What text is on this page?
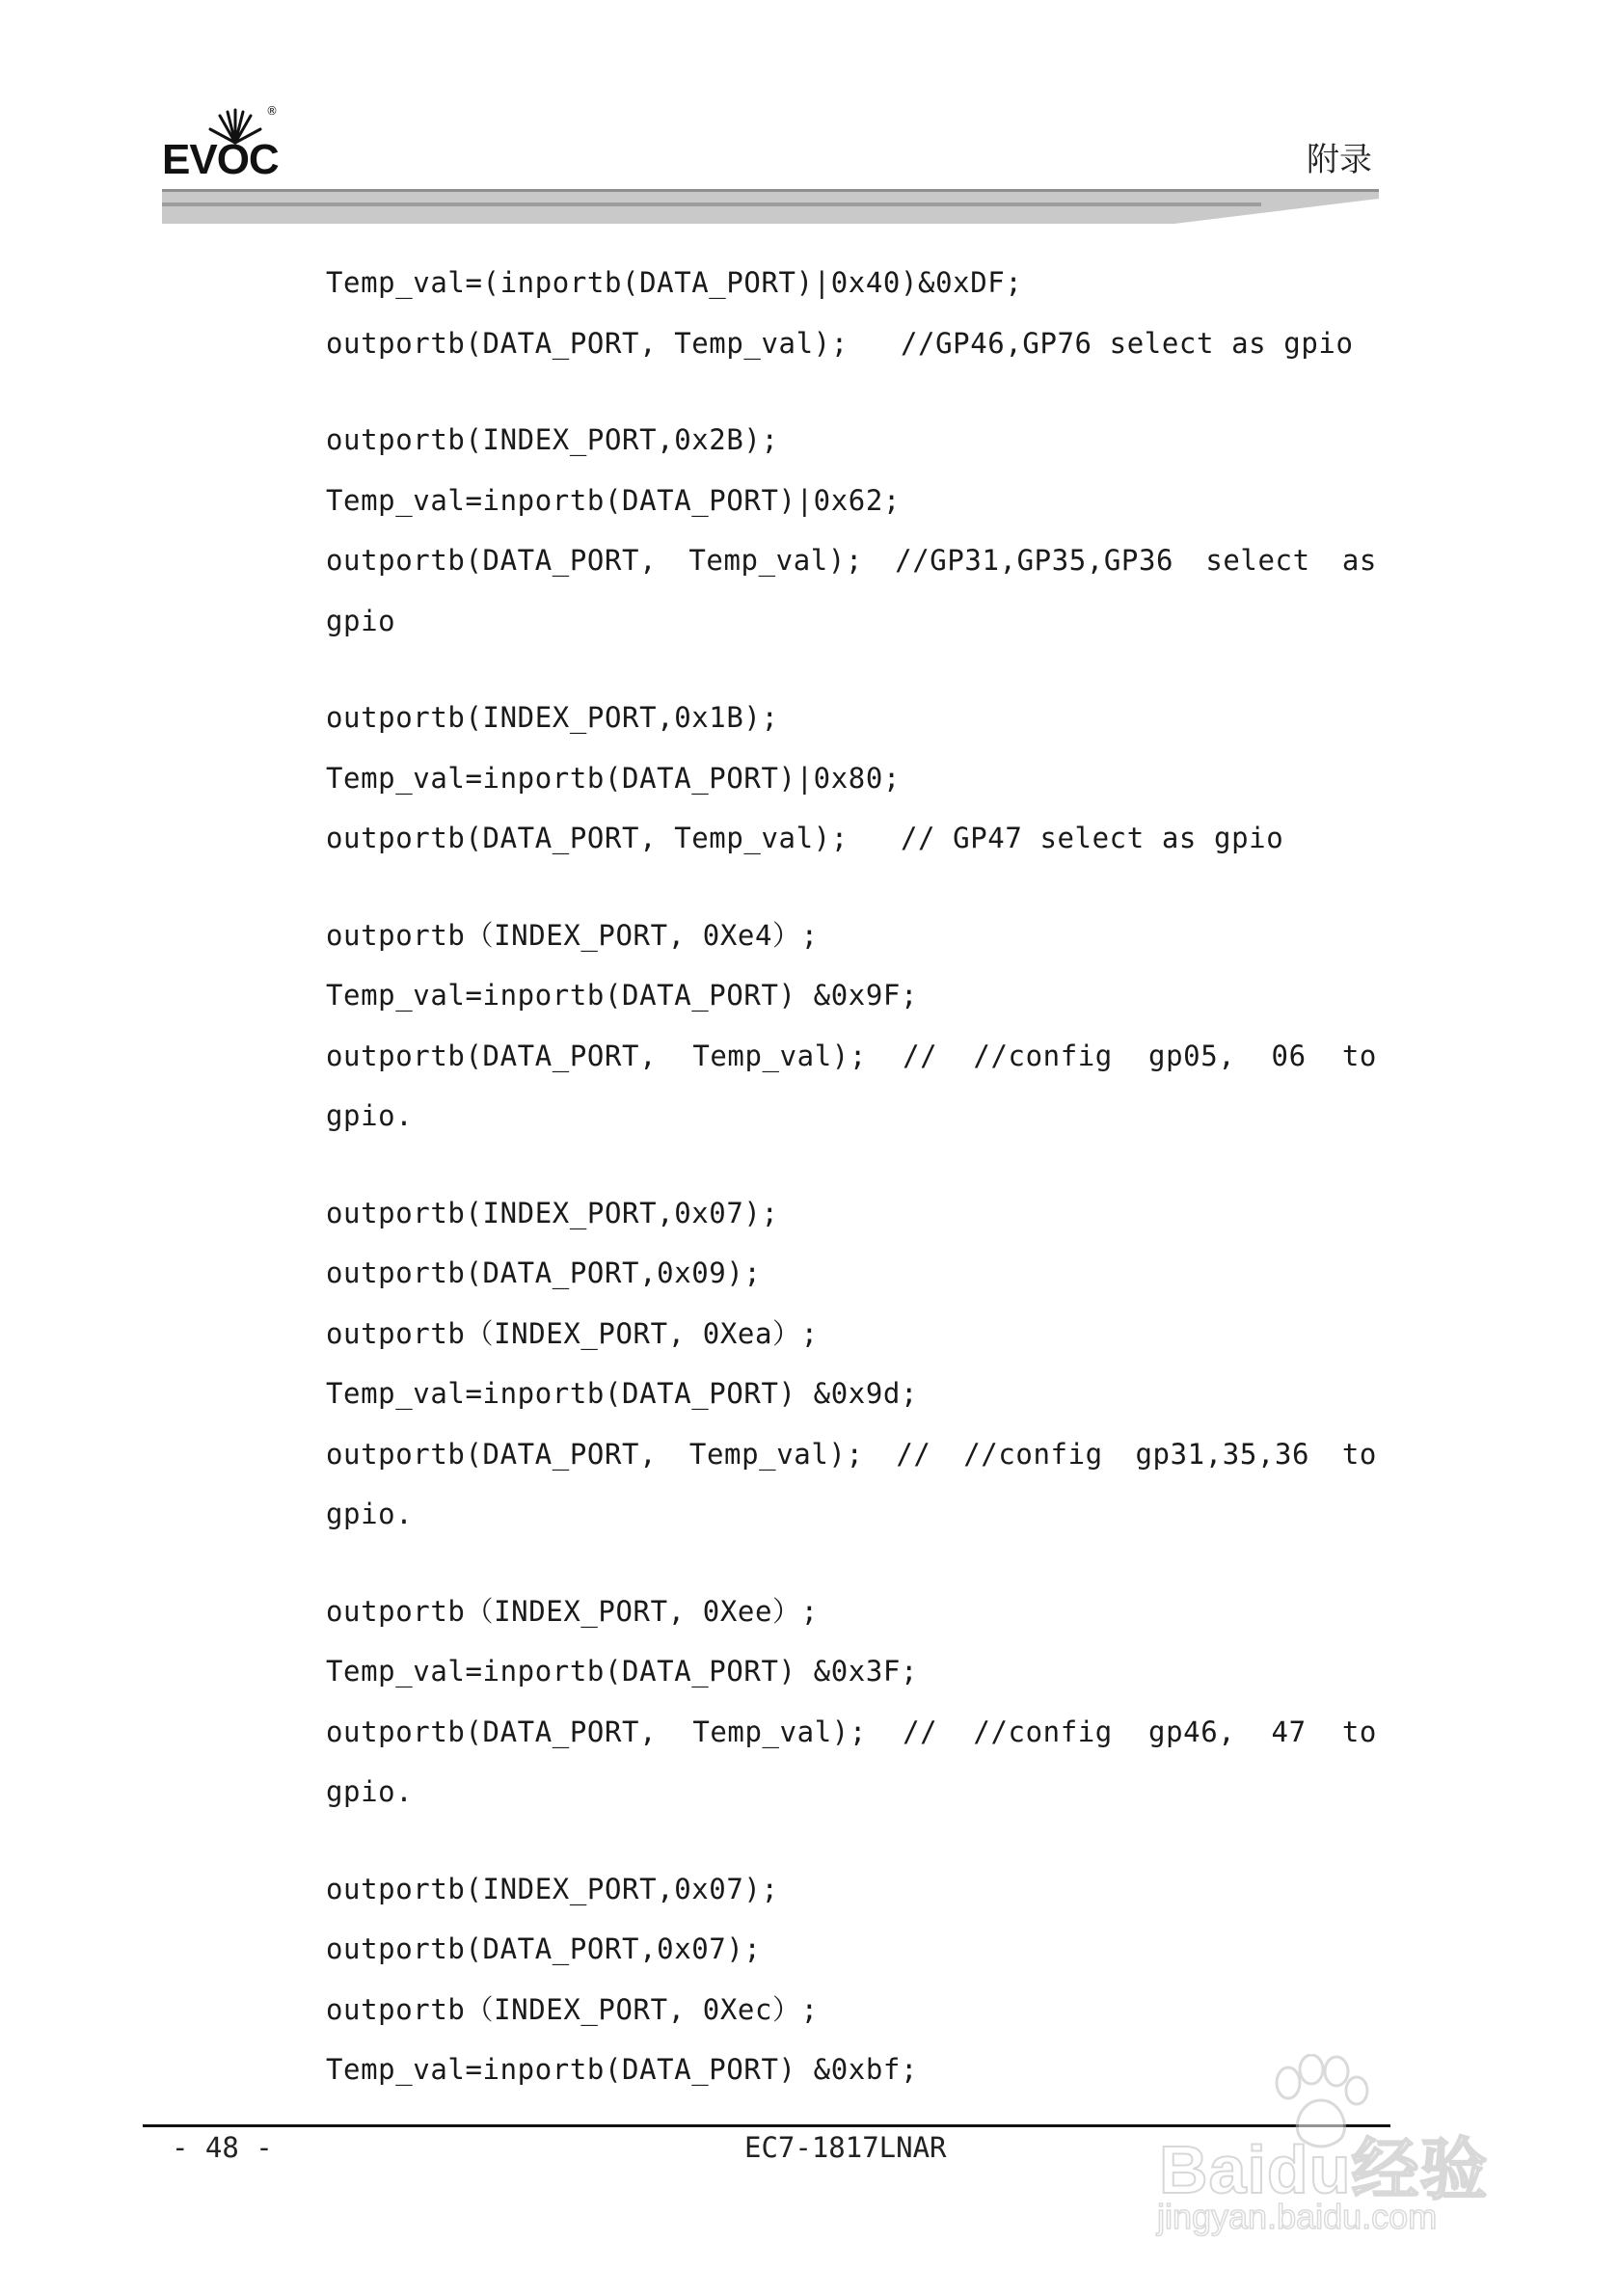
®
EVOC	附录
Temp_val=(inportb(DATA_PORT)|0x40)&0xDF;
outportb(DATA_PORT, Temp_val);   //GP46,GP76 select as gpio
outportb(INDEX_PORT,0x2B);
Temp_val=inportb(DATA_PORT)|0x62;
outportb(DATA_PORT, Temp_val); //GP31,GP35,GP36 select as
gpio
outportb(INDEX_PORT,0x1B);
Temp_val=inportb(DATA_PORT)|0x80;
outportb(DATA_PORT, Temp_val);   // GP47 select as gpio
outportb（INDEX_PORT, 0Xe4）;
Temp_val=inportb(DATA_PORT) &0x9F;
outportb(DATA_PORT, Temp_val); // //config gp05, 06 to
gpio.
outportb(INDEX_PORT,0x07);
outportb(DATA_PORT,0x09);
outportb（INDEX_PORT, 0Xea）;
Temp_val=inportb(DATA_PORT) &0x9d;
outportb(DATA_PORT, Temp_val); // //config gp31,35,36 to
gpio.
outportb（INDEX_PORT, 0Xee）;
Temp_val=inportb(DATA_PORT) &0x3F;
outportb(DATA_PORT, Temp_val); // //config gp46, 47 to
gpio.
outportb(INDEX_PORT,0x07);
outportb(DATA_PORT,0x07);
outportb（INDEX_PORT, 0Xec）;
Temp_val=inportb(DATA_PORT) &0xbf;
- 48 -	EC7-1817LNAR	Baidu经验
jingyan.baidu.com
